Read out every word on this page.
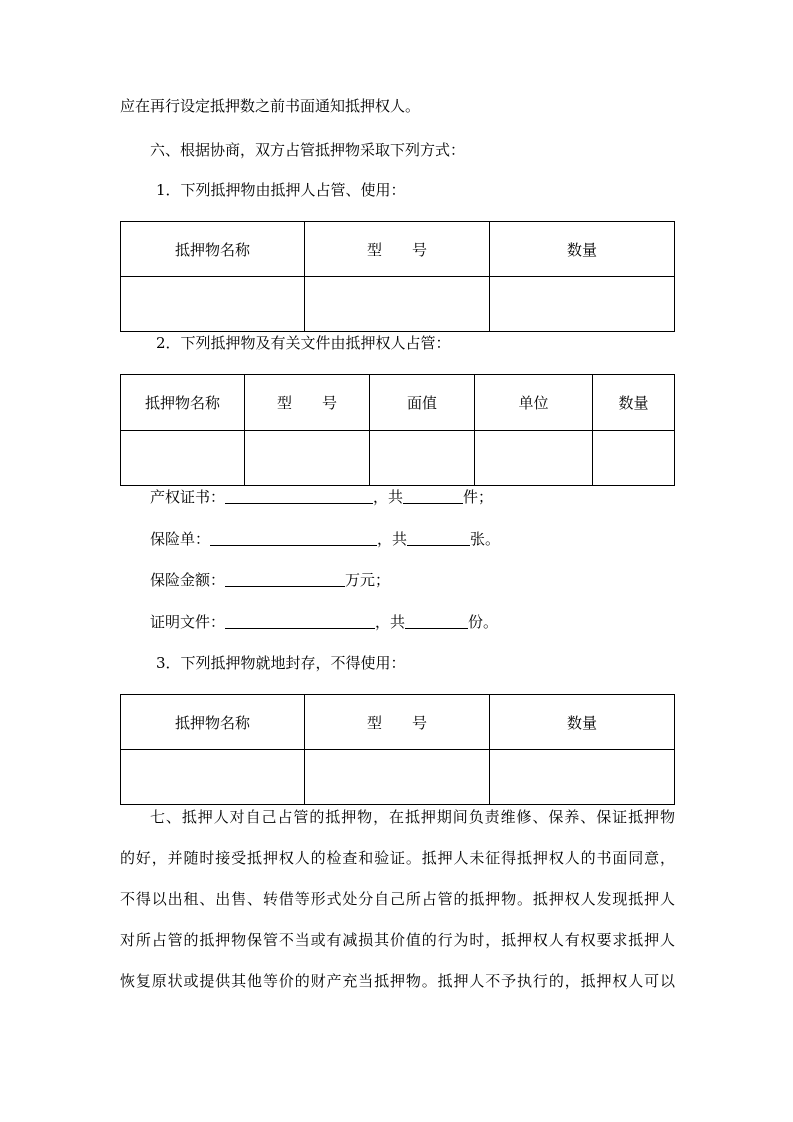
应在再行设定抵押数之前书面通知抵押权人。
六、根据协商，双方占管抵押物采取下列方式：
1．下列抵押物由抵押人占管、使用：
抵押物名称	型　　号	数量

2．下列抵押物及有关文件由抵押权人占管：
抵押物名称	型　　号	面值	单位	数量

产权证书：	，共	件；
保险单：	，共	张。
保险金额：	万元；
证明文件：	，共	份。
3．下列抵押物就地封存，不得使用：
抵押物名称	型　　号	数量

七、抵押人对自己占管的抵押物，在抵押期间负责维修、保养、保证抵押物
的好，并随时接受抵押权人的检查和验证。抵押人未征得抵押权人的书面同意，
不得以出租、出售、转借等形式处分自己所占管的抵押物。抵押权人发现抵押人
对所占管的抵押物保管不当或有减损其价值的行为时，抵押权人有权要求抵押人
恢复原状或提供其他等价的财产充当抵押物。抵押人不予执行的，抵押权人可以
